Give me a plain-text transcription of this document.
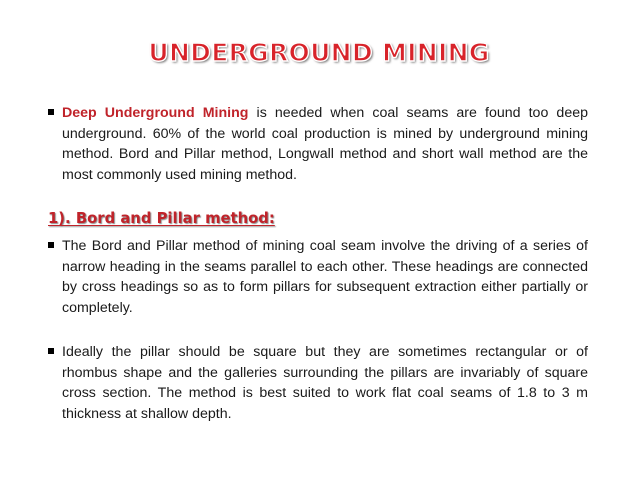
UNDERGROUND MINING
Deep Underground Mining is needed when coal seams are found too deep underground. 60% of the world coal production is mined by underground mining method. Bord and Pillar method, Longwall method and short wall method are the most commonly used mining method.
1). Bord and Pillar method:
The Bord and Pillar method of mining coal seam involve the driving of a series of narrow heading in the seams parallel to each other. These headings are connected by cross headings so as to form pillars for subsequent extraction either partially or completely.
Ideally the pillar should be square but they are sometimes rectangular or of rhombus shape and the galleries surrounding the pillars are invariably of square cross section. The method is best suited to work flat coal seams of 1.8 to 3 m thickness at shallow depth.
